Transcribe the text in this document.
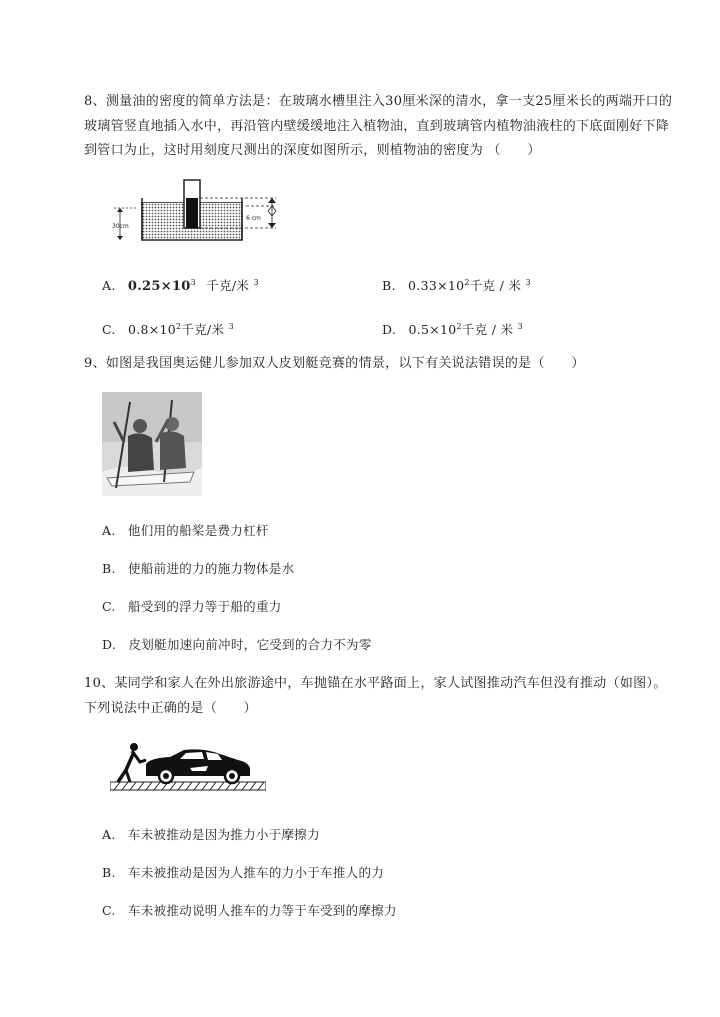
8、测量油的密度的简单方法是：在玻璃水槽里注入30厘米深的清水，拿一支25厘米长的两端开口的玻璃管竖直地插入水中，再沿管内壁缓缓地注入植物油，直到玻璃管内植物油液柱的下底面刚好下降到管口为止，这时用刻度尺测出的深度如图所示，则植物油的密度为 （　　）
30cm
6 cm
A. $0.25\times 10^3$ 千克/米 $^3$	B. $0.33\times 10^2$千克 / 米 $^3$
C. $0.8\times 10^2$千克/米 $^3$	D. $0.5\times 10^2$千克 / 米 $^3$
9、如图是我国奥运健儿参加双人皮划艇竞赛的情景，以下有关说法错误的是（　　）
A. 他们用的船桨是费力杠杆
B. 使船前进的力的施力物体是水
C. 船受到的浮力等于船的重力
D. 皮划艇加速向前冲时，它受到的合力不为零
10、某同学和家人在外出旅游途中，车抛锚在水平路面上，家人试图推动汽车但没有推动（如图）。下列说法中正确的是（　　）
A. 车未被推动是因为推力小于摩擦力
B. 车未被推动是因为人推车的力小于车推人的力
C. 车未被推动说明人推车的力等于车受到的摩擦力
